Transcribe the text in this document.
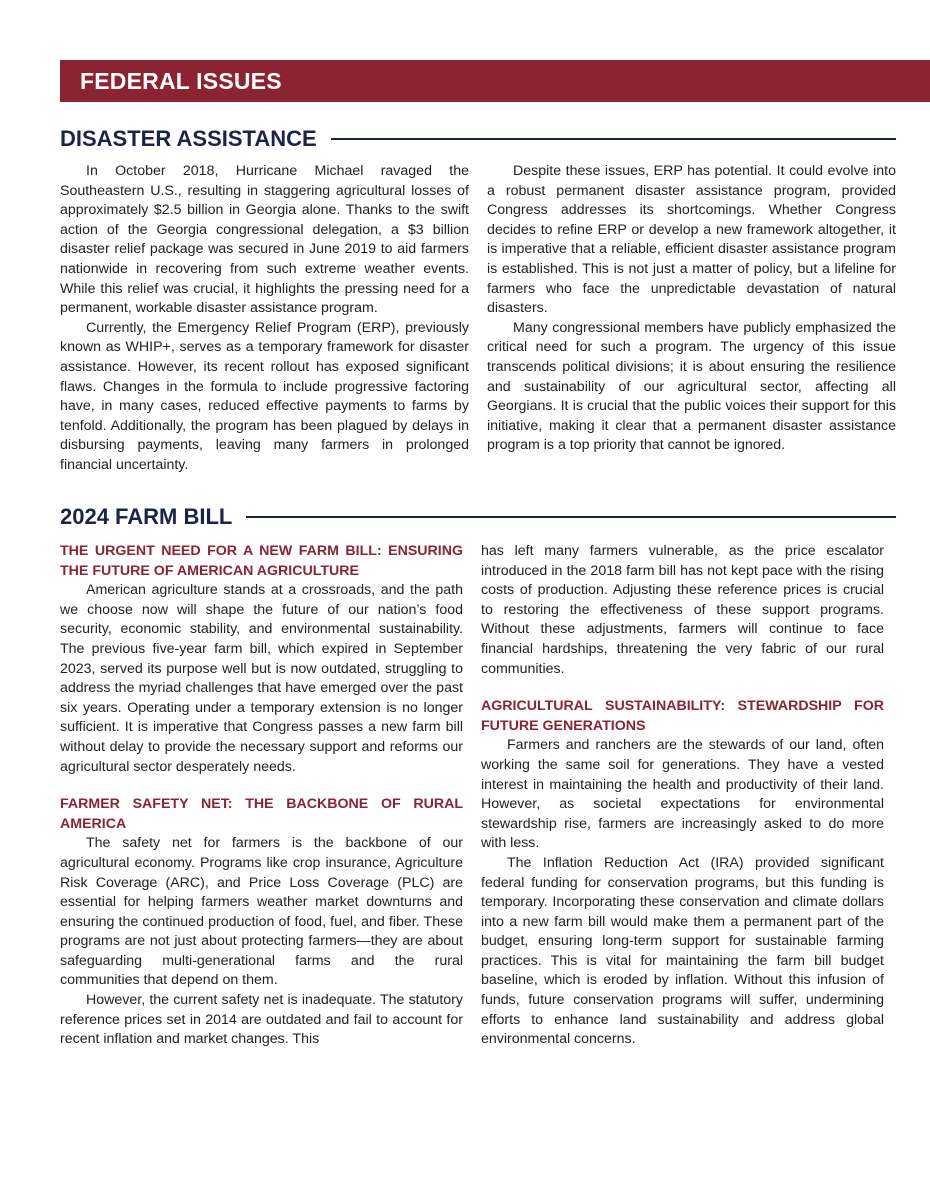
FEDERAL ISSUES
DISASTER ASSISTANCE

In October 2018, Hurricane Michael ravaged the Southeastern U.S., resulting in staggering agricultural losses of approximately $2.5 billion in Georgia alone. Thanks to the swift action of the Georgia congressional delegation, a $3 billion disaster relief package was secured in June 2019 to aid farmers nationwide in recovering from such extreme weather events. While this relief was crucial, it highlights the pressing need for a permanent, workable disaster assistance program.

Currently, the Emergency Relief Program (ERP), previously known as WHIP+, serves as a temporary framework for disaster assistance. However, its recent rollout has exposed significant flaws. Changes in the formula to include progressive factoring have, in many cases, reduced effective payments to farms by tenfold. Additionally, the program has been plagued by delays in disbursing payments, leaving many farmers in prolonged financial uncertainty.

Despite these issues, ERP has potential. It could evolve into a robust permanent disaster assistance program, provided Congress addresses its shortcomings. Whether Congress decides to refine ERP or develop a new framework altogether, it is imperative that a reliable, efficient disaster assistance program is established. This is not just a matter of policy, but a lifeline for farmers who face the unpredictable devastation of natural disasters.

Many congressional members have publicly emphasized the critical need for such a program. The urgency of this issue transcends political divisions; it is about ensuring the resilience and sustainability of our agricultural sector, affecting all Georgians. It is crucial that the public voices their support for this initiative, making it clear that a permanent disaster assistance program is a top priority that cannot be ignored.

2024 FARM BILL
THE URGENT NEED FOR A NEW FARM BILL: ENSURING THE FUTURE OF AMERICAN AGRICULTURE

American agriculture stands at a crossroads, and the path we choose now will shape the future of our nation’s food security, economic stability, and environmental sustainability. The previous five-year farm bill, which expired in September 2023, served its purpose well but is now outdated, struggling to address the myriad challenges that have emerged over the past six years. Operating under a temporary extension is no longer sufficient. It is imperative that Congress passes a new farm bill without delay to provide the necessary support and reforms our agricultural sector desperately needs.

FARMER SAFETY NET: THE BACKBONE OF RURAL AMERICA

The safety net for farmers is the backbone of our agricultural economy. Programs like crop insurance, Agriculture Risk Coverage (ARC), and Price Loss Coverage (PLC) are essential for helping farmers weather market downturns and ensuring the continued production of food, fuel, and fiber. These programs are not just about protecting farmers—they are about safeguarding multi-generational farms and the rural communities that depend on them.

However, the current safety net is inadequate. The statutory reference prices set in 2014 are outdated and fail to account for recent inflation and market changes. This

has left many farmers vulnerable, as the price escalator introduced in the 2018 farm bill has not kept pace with the rising costs of production. Adjusting these reference prices is crucial to restoring the effectiveness of these support programs. Without these adjustments, farmers will continue to face financial hardships, threatening the very fabric of our rural communities.

AGRICULTURAL SUSTAINABILITY: STEWARDSHIP FOR FUTURE GENERATIONS

Farmers and ranchers are the stewards of our land, often working the same soil for generations. They have a vested interest in maintaining the health and productivity of their land. However, as societal expectations for environmental stewardship rise, farmers are increasingly asked to do more with less.

The Inflation Reduction Act (IRA) provided significant federal funding for conservation programs, but this funding is temporary. Incorporating these conservation and climate dollars into a new farm bill would make them a permanent part of the budget, ensuring long-term support for sustainable farming practices. This is vital for maintaining the farm bill budget baseline, which is eroded by inflation. Without this infusion of funds, future conservation programs will suffer, undermining efforts to enhance land sustainability and address global environmental concerns.
